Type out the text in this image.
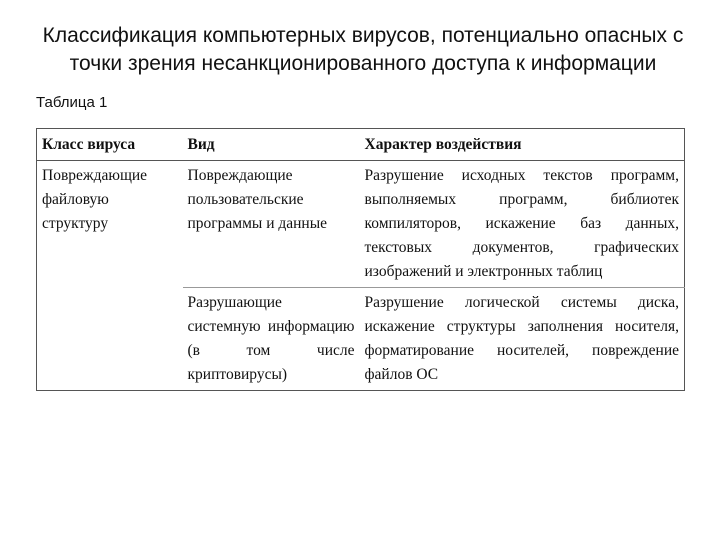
Классификация компьютерных вирусов, потенциально опасных с точки зрения несанкционированного доступа к информации
Таблица 1
Класс вируса	Вид	Характер воздействия
Повреждающие файловую структуру	Повреждающие пользовательские программы и данные	Разрушение исходных текстов программ, выполняемых программ, библиотек компиляторов, искажение баз данных, текстовых документов, графических изображений и электронных таблиц
	Разрушающие системную информацию (в том числе криптовирусы)	Разрушение логической системы диска, искажение структуры заполнения носителя, форматирование носителей, повреждение файлов ОС
